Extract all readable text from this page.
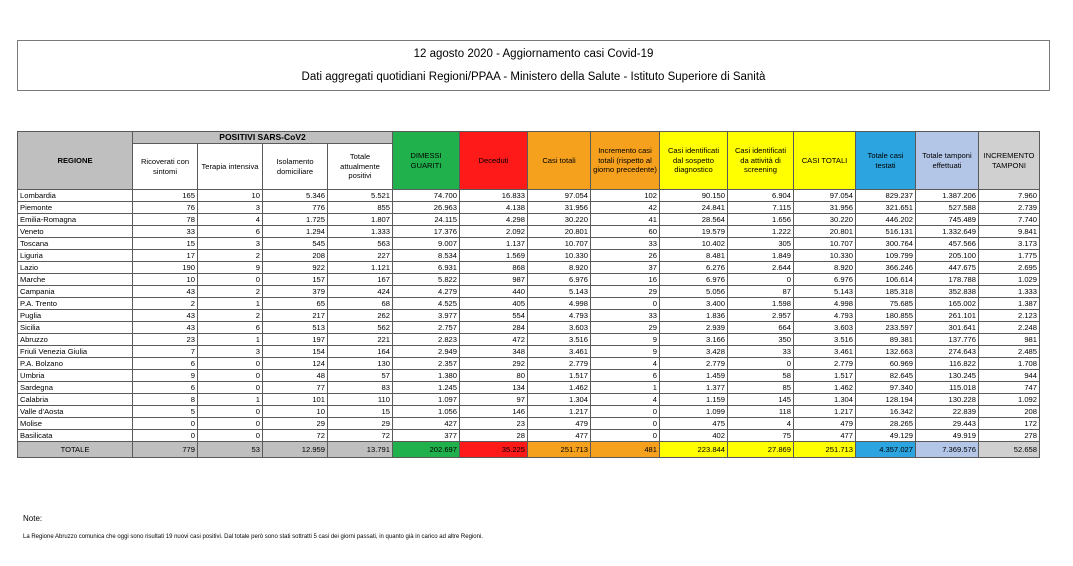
12 agosto 2020 - Aggiornamento casi Covid-19
Dati aggregati quotidiani Regioni/PPAA - Ministero della Salute - Istituto Superiore di Sanità
REGIONE	POSITIVI SARS-CoV2				DIMESSI GUARITI	Deceduti	Casi totali	Incremento casi totali (rispetto al giorno precedente)	Casi identificati dal sospetto diagnostico	Casi identificati da attività di screening	CASI TOTALI	Totale casi testati	Totale tamponi effettuati	INCREMENTO TAMPONI
	Ricoverati con sintomi	Terapia intensiva	Isolamento domiciliare	Totale attualmente positivi										
Lombardia	165	10	5.346	5.521	74.700	16.833	97.054	102	90.150	6.904	97.054	829.237	1.387.206	7.960
Piemonte	76	3	776	855	26.963	4.138	31.956	42	24.841	7.115	31.956	321.651	527.588	2.739
Emilia-Romagna	78	4	1.725	1.807	24.115	4.298	30.220	41	28.564	1.656	30.220	446.202	745.489	7.740
Veneto	33	6	1.294	1.333	17.376	2.092	20.801	60	19.579	1.222	20.801	516.131	1.332.649	9.841
Toscana	15	3	545	563	9.007	1.137	10.707	33	10.402	305	10.707	300.764	457.566	3.173
Liguria	17	2	208	227	8.534	1.569	10.330	26	8.481	1.849	10.330	109.799	205.100	1.775
Lazio	190	9	922	1.121	6.931	868	8.920	37	6.276	2.644	8.920	366.246	447.675	2.695
Marche	10	0	157	167	5.822	987	6.976	16	6.976	0	6.976	106.614	178.788	1.029
Campania	43	2	379	424	4.279	440	5.143	29	5.056	87	5.143	185.318	352.838	1.333
P.A. Trento	2	1	65	68	4.525	405	4.998	0	3.400	1.598	4.998	75.685	165.002	1.387
Puglia	43	2	217	262	3.977	554	4.793	33	1.836	2.957	4.793	180.855	261.101	2.123
Sicilia	43	6	513	562	2.757	284	3.603	29	2.939	664	3.603	233.597	301.641	2.248
Abruzzo	23	1	197	221	2.823	472	3.516	9	3.166	350	3.516	89.381	137.776	981
Friuli Venezia Giulia	7	3	154	164	2.949	348	3.461	9	3.428	33	3.461	132.663	274.643	2.485
P.A. Bolzano	6	0	124	130	2.357	292	2.779	4	2.779	0	2.779	60.969	116.822	1.708
Umbria	9	0	48	57	1.380	80	1.517	6	1.459	58	1.517	82.645	130.245	944
Sardegna	6	0	77	83	1.245	134	1.462	1	1.377	85	1.462	97.340	115.018	747
Calabria	8	1	101	110	1.097	97	1.304	4	1.159	145	1.304	128.194	130.228	1.092
Valle d'Aosta	5	0	10	15	1.056	146	1.217	0	1.099	118	1.217	16.342	22.839	208
Molise	0	0	29	29	427	23	479	0	475	4	479	28.265	29.443	172
Basilicata	0	0	72	72	377	28	477	0	402	75	477	49.129	49.919	278
TOTALE	779	53	12.959	13.791	202.697	35.225	251.713	481	223.844	27.869	251.713	4.357.027	7.369.576	52.658
Note:
La Regione Abruzzo comunica che oggi sono risultati 19 nuovi casi positivi. Dal totale però sono stati sottratti 5 casi dei giorni passati, in quanto già in carico ad altre Regioni.
